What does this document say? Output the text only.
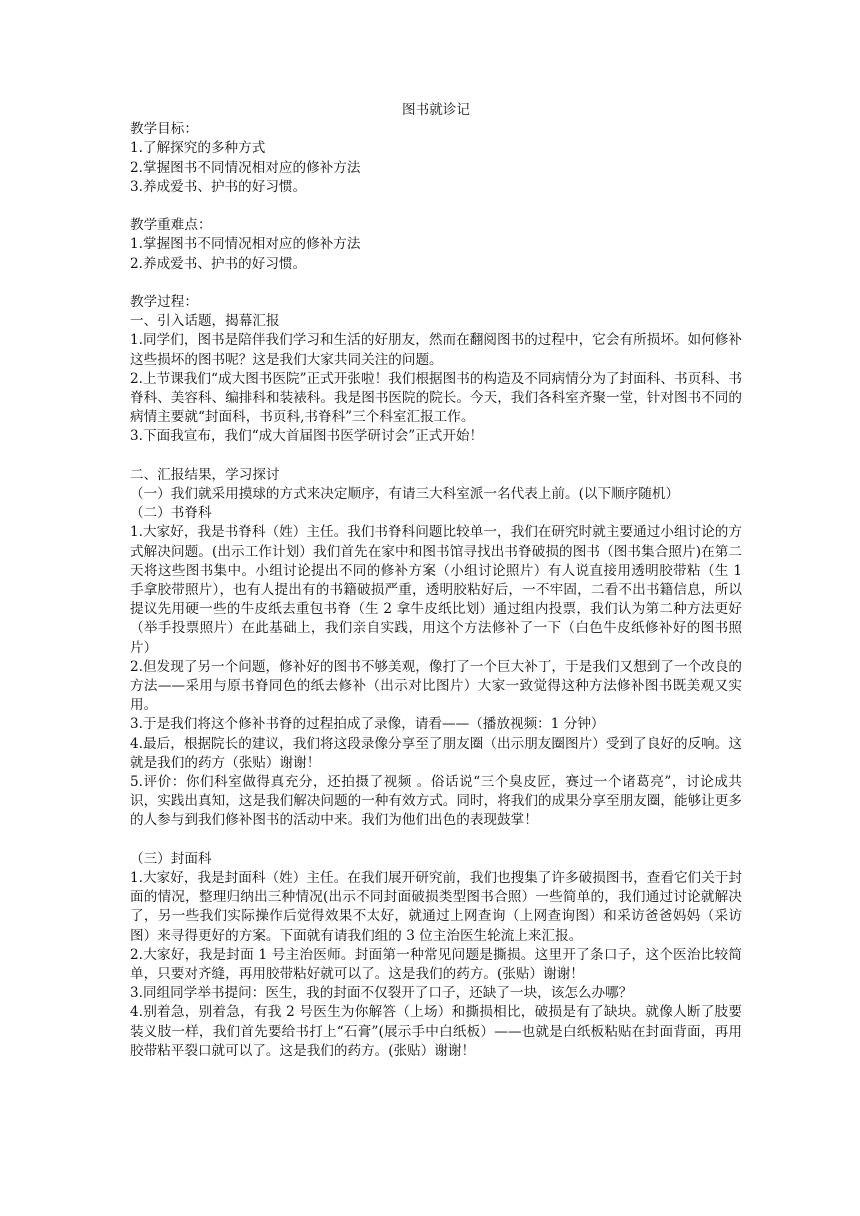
图书就诊记

教学目标：

1.了解探究的多种方式

2.掌握图书不同情况相对应的修补方法

3.养成爱书、护书的好习惯。

教学重难点：

1.掌握图书不同情况相对应的修补方法

2.养成爱书、护书的好习惯。

教学过程：

一、引入话题，揭幕汇报

1.同学们，图书是陪伴我们学习和生活的好朋友，然而在翻阅图书的过程中，它会有所损坏。如何修补这些损坏的图书呢？这是我们大家共同关注的问题。

2.上节课我们“成大图书医院”正式开张啦！我们根据图书的构造及不同病情分为了封面科、书页科、书脊科、美容科、编排科和装裱科。我是图书医院的院长。今天，我们各科室齐聚一堂，针对图书不同的病情主要就“封面科，书页科,书脊科”三个科室汇报工作。

3.下面我宣布，我们“成大首届图书医学研讨会”正式开始！

二、汇报结果，学习探讨

（一）我们就采用摸球的方式来决定顺序，有请三大科室派一名代表上前。(以下顺序随机）

（二）书脊科

1.大家好，我是书脊科（姓）主任。我们书脊科问题比较单一，我们在研究时就主要通过小组讨论的方式解决问题。(出示工作计划）我们首先在家中和图书馆寻找出书脊破损的图书（图书集合照片)在第二天将这些图书集中。小组讨论提出不同的修补方案（小组讨论照片）有人说直接用透明胶带粘（生 1 手拿胶带照片），也有人提出有的书籍破损严重，透明胶粘好后，一不牢固，二看不出书籍信息，所以提议先用硬一些的牛皮纸去重包书脊（生 2 拿牛皮纸比划）通过组内投票，我们认为第二种方法更好（举手投票照片）在此基础上，我们亲自实践，用这个方法修补了一下（白色牛皮纸修补好的图书照片）

2.但发现了另一个问题，修补好的图书不够美观，像打了一个巨大补丁，于是我们又想到了一个改良的方法——采用与原书脊同色的纸去修补（出示对比图片）大家一致觉得这种方法修补图书既美观又实用。

3.于是我们将这个修补书脊的过程拍成了录像，请看——（播放视频：1 分钟）

4.最后，根据院长的建议，我们将这段录像分享至了朋友圈（出示朋友圈图片）受到了良好的反响。这就是我们的药方（张贴）谢谢！

5.评价：你们科室做得真充分，还拍摄了视频 。俗话说“三个臭皮匠，赛过一个诸葛亮”，讨论成共识，实践出真知，这是我们解决问题的一种有效方式。同时，将我们的成果分享至朋友圈，能够让更多的人参与到我们修补图书的活动中来。我们为他们出色的表现鼓掌！

（三）封面科

1.大家好，我是封面科（姓）主任。在我们展开研究前，我们也搜集了许多破损图书，查看它们关于封面的情况，整理归纳出三种情况(出示不同封面破损类型图书合照）一些简单的，我们通过讨论就解决了，另一些我们实际操作后觉得效果不太好，就通过上网查询（上网查询图）和采访爸爸妈妈（采访图）来寻得更好的方案。下面就有请我们组的 3 位主治医生轮流上来汇报。

2.大家好，我是封面 1 号主治医师。封面第一种常见问题是撕损。这里开了条口子，这个医治比较简单，只要对齐缝，再用胶带粘好就可以了。这是我们的药方。(张贴）谢谢！

3.同组同学举书提问：医生，我的封面不仅裂开了口子，还缺了一块，该怎么办哪？

4.别着急，别着急，有我 2 号医生为你解答（上场）和撕损相比，破损是有了缺块。就像人断了肢要装义肢一样，我们首先要给书打上“石膏”(展示手中白纸板）——也就是白纸板粘贴在封面背面，再用胶带粘平裂口就可以了。这是我们的药方。(张贴）谢谢！
